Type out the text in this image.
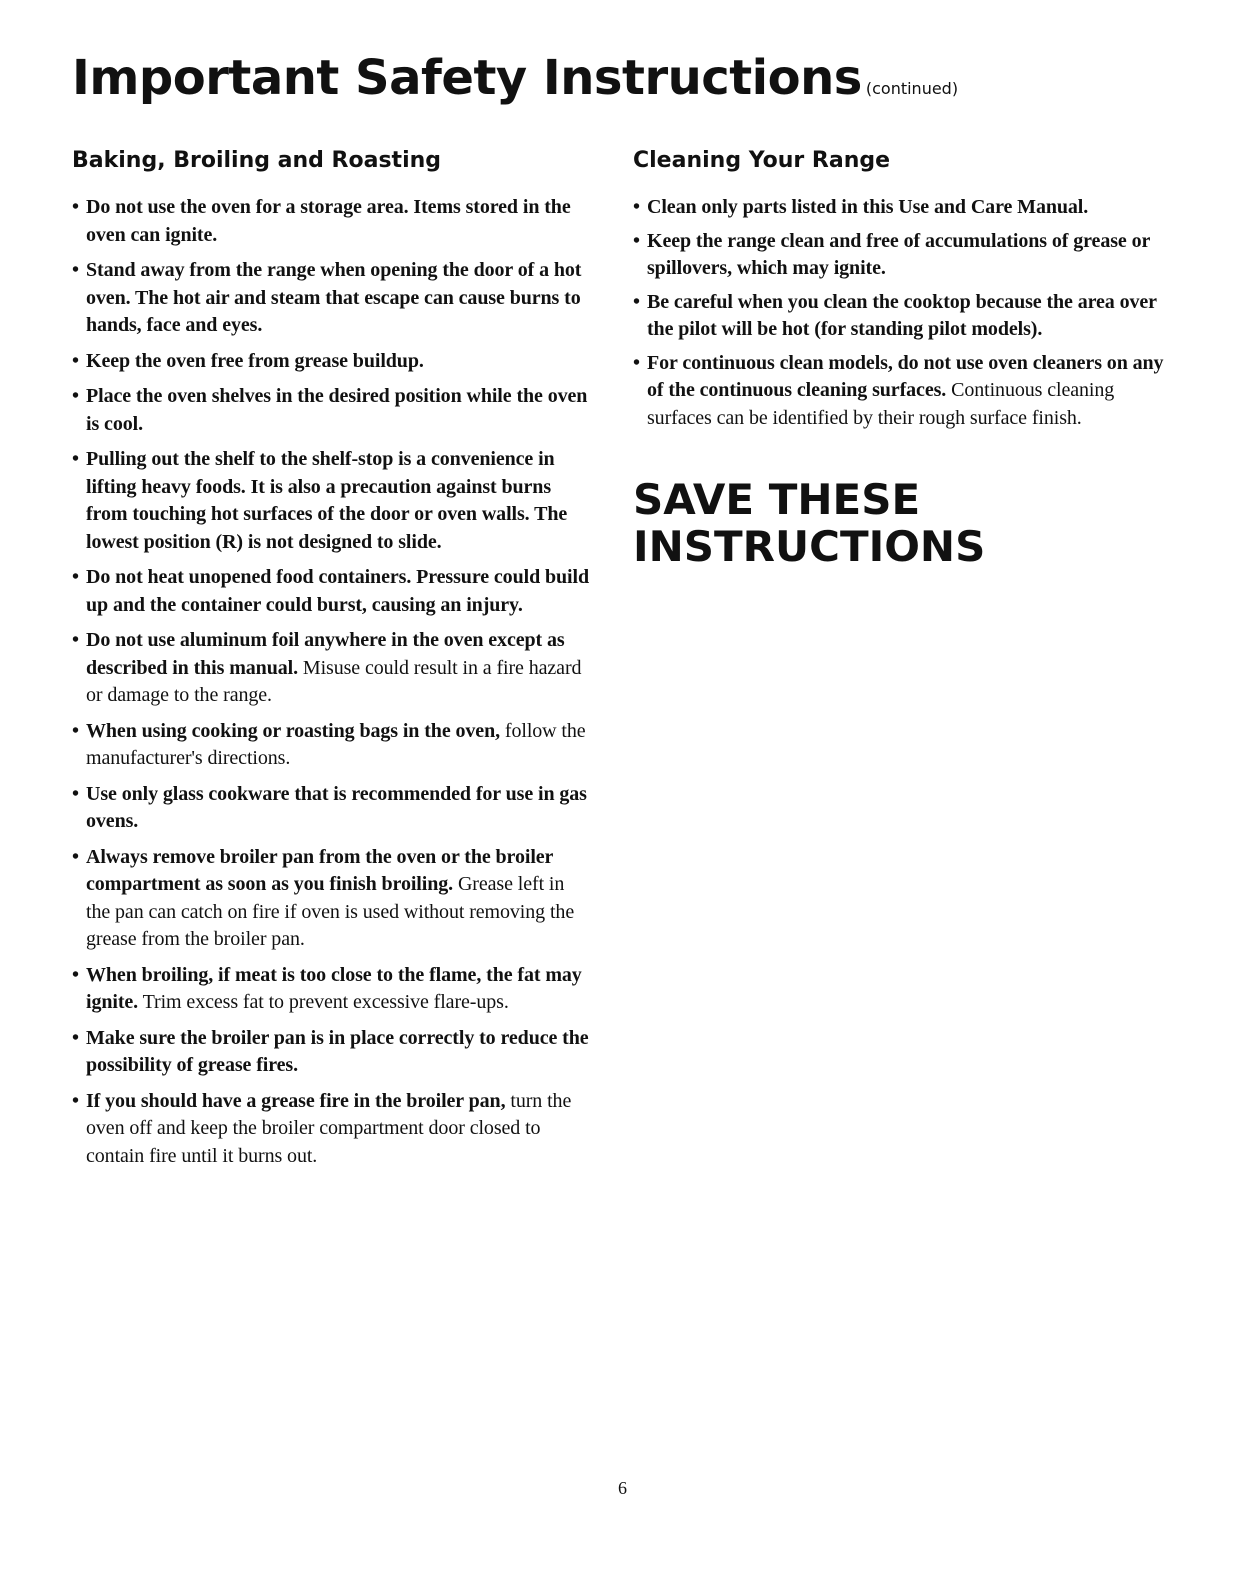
Important Safety Instructions (continued)
Baking, Broiling and Roasting
• Do not use the oven for a storage area. Items stored in the oven can ignite.
• Stand away from the range when opening the door of a hot oven. The hot air and steam that escape can cause burns to hands, face and eyes.
• Keep the oven free from grease buildup.
• Place the oven shelves in the desired position while the oven is cool.
• Pulling out the shelf to the shelf-stop is a convenience in lifting heavy foods. It is also a precaution against burns from touching hot surfaces of the door or oven walls. The lowest position (R) is not designed to slide.
• Do not heat unopened food containers. Pressure could build up and the container could burst, causing an injury.
• Do not use aluminum foil anywhere in the oven except as described in this manual. Misuse could result in a fire hazard or damage to the range.
• When using cooking or roasting bags in the oven, follow the manufacturer's directions.
• Use only glass cookware that is recommended for use in gas ovens.
• Always remove broiler pan from the oven or the broiler compartment as soon as you finish broiling. Grease left in the pan can catch on fire if oven is used without removing the grease from the broiler pan.
• When broiling, if meat is too close to the flame, the fat may ignite. Trim excess fat to prevent excessive flare-ups.
• Make sure the broiler pan is in place correctly to reduce the possibility of grease fires.
• If you should have a grease fire in the broiler pan, turn the oven off and keep the broiler compartment door closed to contain fire until it burns out.
Cleaning Your Range
• Clean only parts listed in this Use and Care Manual.
• Keep the range clean and free of accumulations of grease or spillovers, which may ignite.
• Be careful when you clean the cooktop because the area over the pilot will be hot (for standing pilot models).
• For continuous clean models, do not use oven cleaners on any of the continuous cleaning surfaces. Continuous cleaning surfaces can be identified by their rough surface finish.
SAVE THESE
INSTRUCTIONS
6
